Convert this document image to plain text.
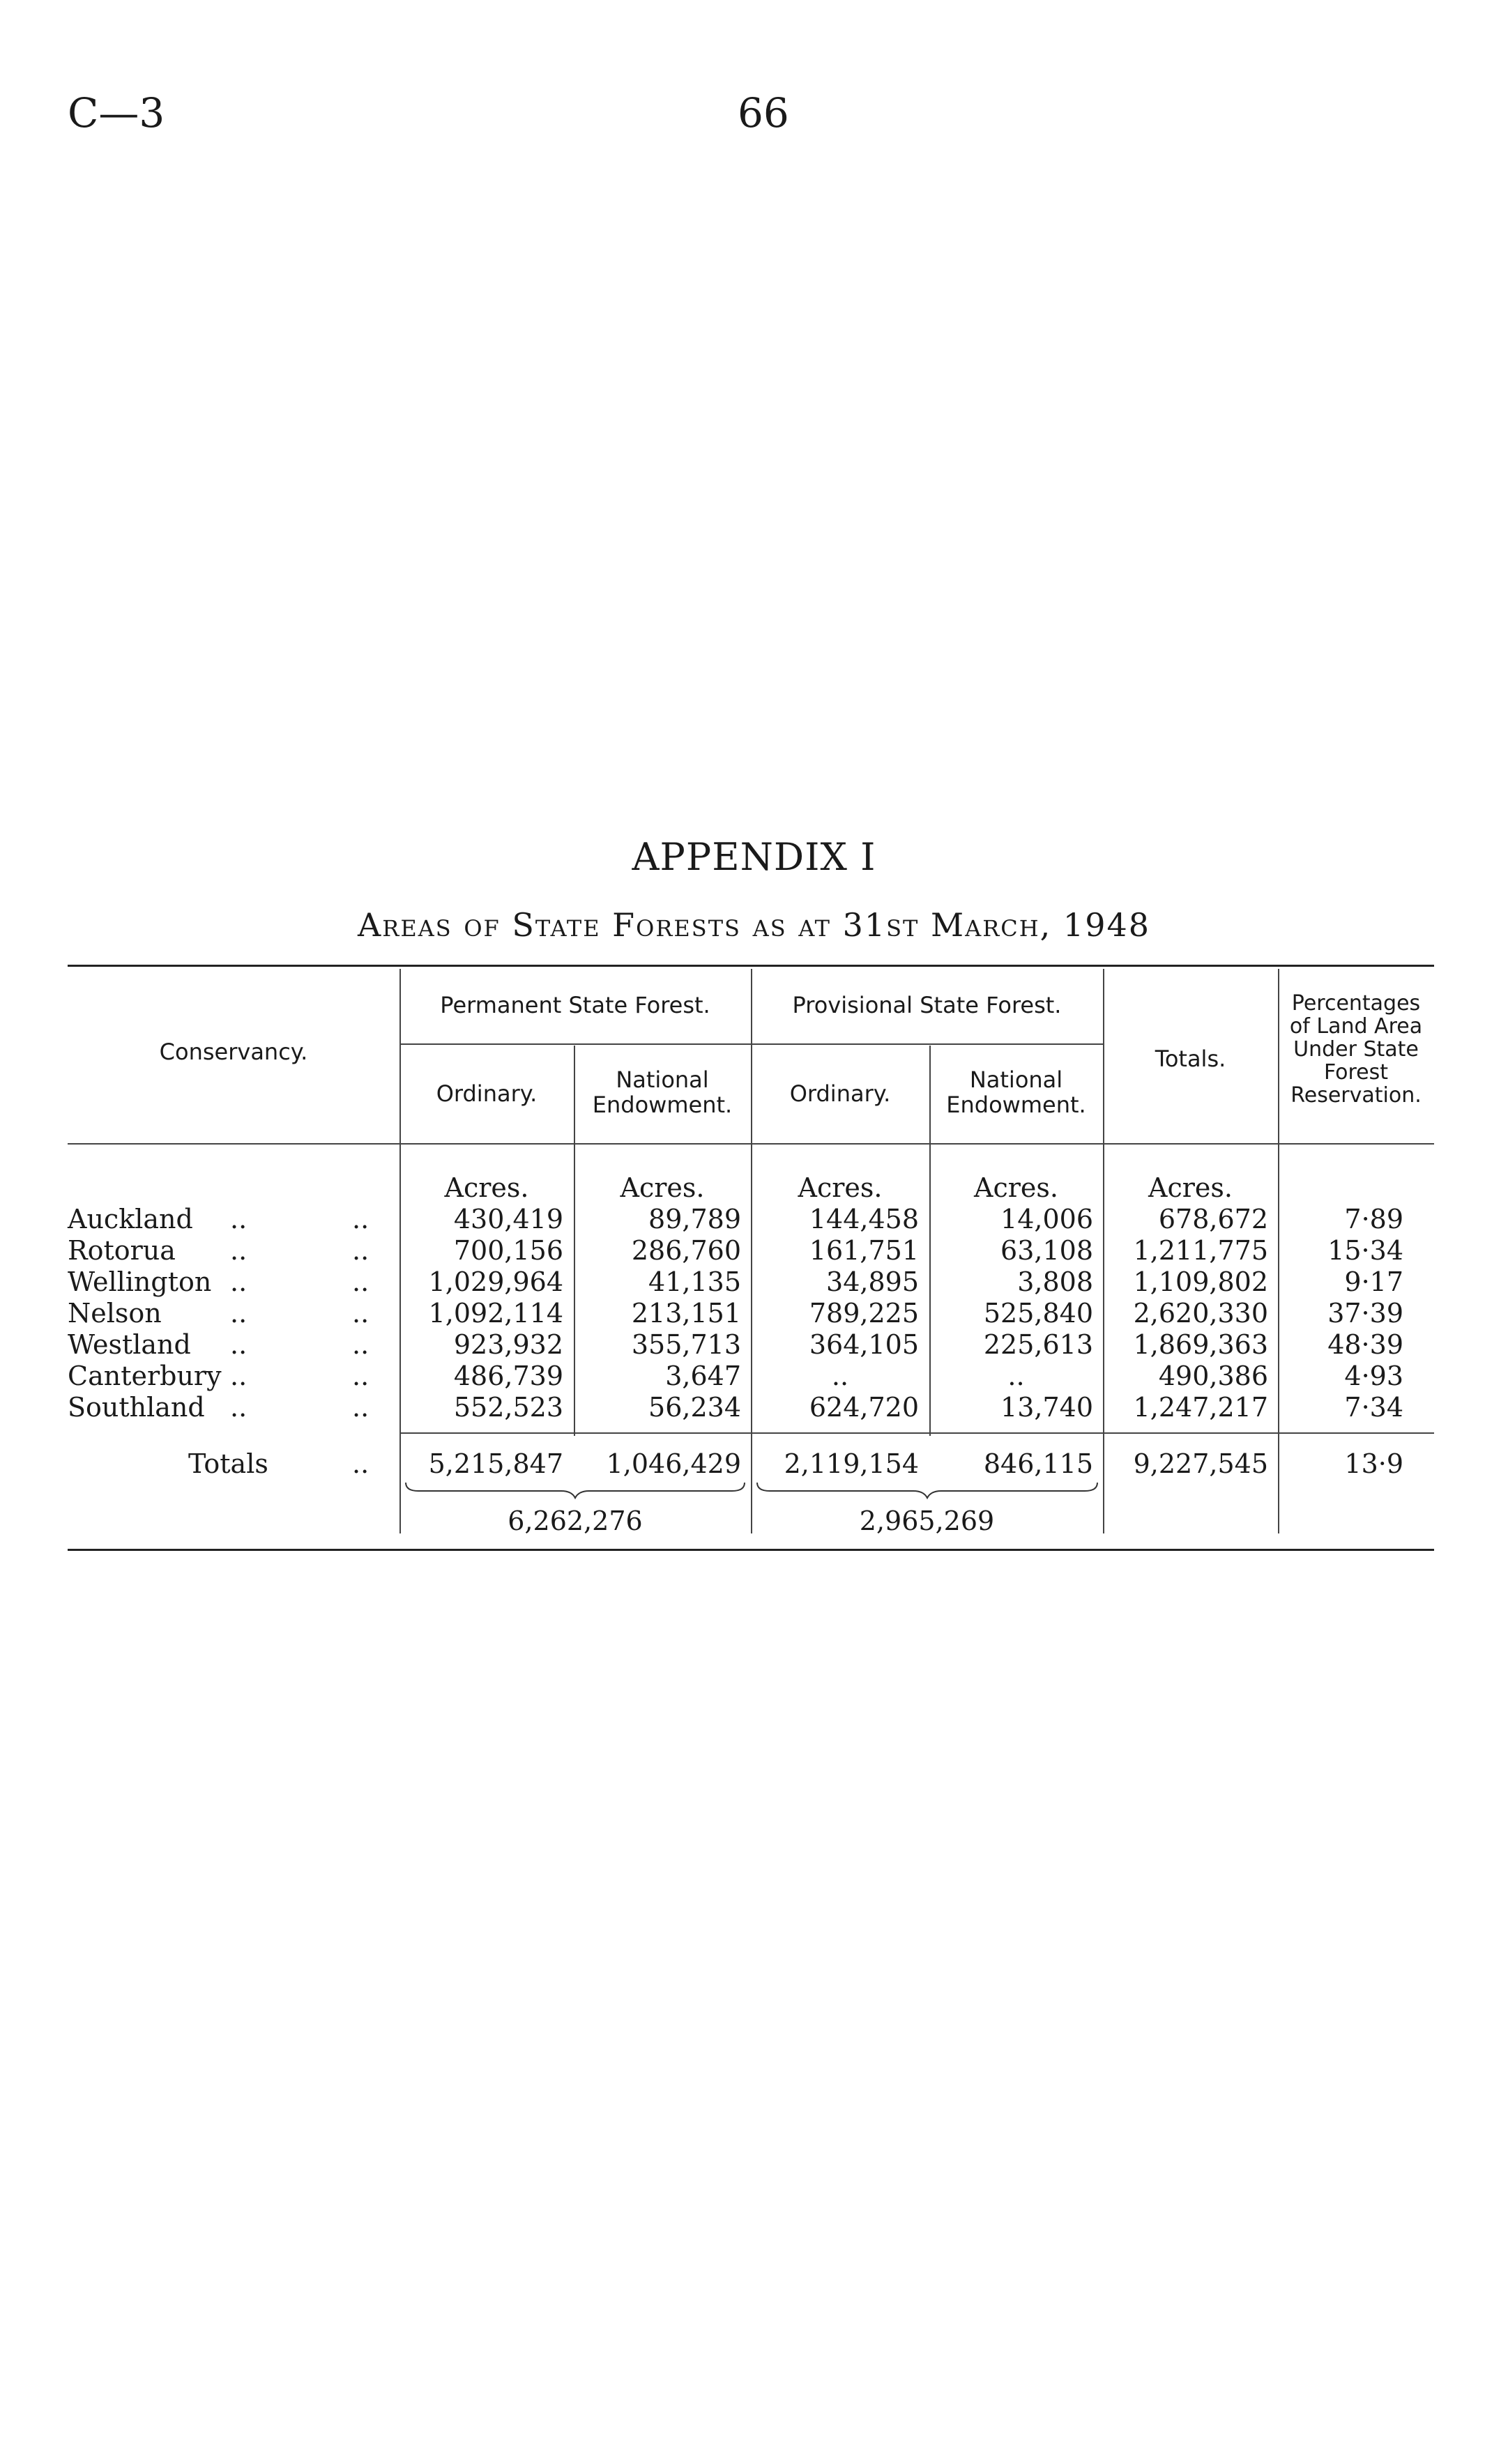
C—3	66
APPENDIX I
Areas of State Forests as at 31st March, 1948
Conservancy.
Permanent State Forest.	Provisional State Forest.
Ordinary.
National
Endowment.	Ordinary.
National
Endowment.
Totals.
Percentages
of Land Area
Under State
Forest
Reservation.
Acres.	Acres.	Acres.	Acres.	Acres.
Auckland ..	..	430,419	89,789	144,458	14,006	678,672	7·89
Rotorua ..	..	700,156	286,760	161,751	63,108	1,211,775	15·34
Wellington ..	..	1,029,964	41,135	34,895	3,808	1,109,802	9·17
Nelson	..	..	1,092,114	213,151	789,225	525,840	2,620,330	37·39
Westland ..	..	923,932	355,713	364,105	225,613	1,869,363	48·39
Canterbury ..	..	486,739	3,647	..	..	490,386	4·93
Southland ..	..	552,523	56,234	624,720	13,740	1,247,217	7·34
Totals	..	5,215,847	1,046,429	2,119,154	846,115	9,227,545	13·9
6,262,276	2,965,269
